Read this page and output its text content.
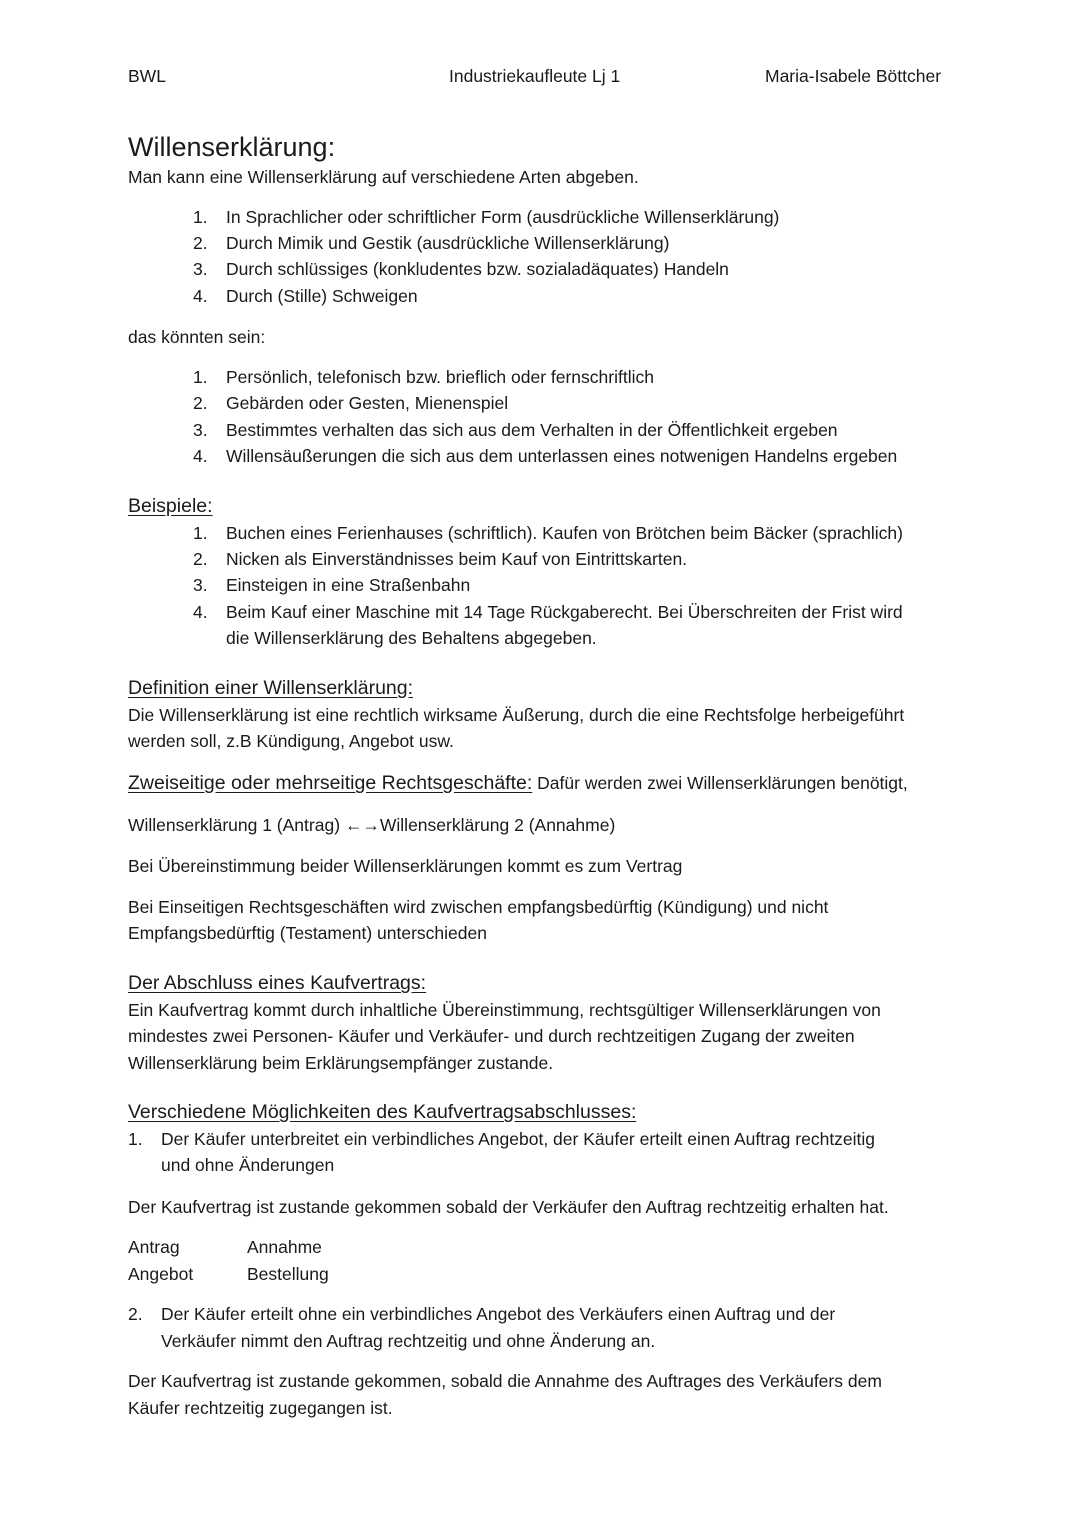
BWL	Industriekaufleute Lj 1	Maria-Isabele Böttcher
Willenserklärung:
Man kann eine Willenserklärung auf verschiedene Arten abgeben.
1. In Sprachlicher oder schriftlicher Form (ausdrückliche Willenserklärung)
2. Durch Mimik und Gestik (ausdrückliche Willenserklärung)
3. Durch schlüssiges (konkludentes bzw. sozialadäquates) Handeln
4. Durch (Stille) Schweigen
das könnten sein:
1. Persönlich, telefonisch bzw. brieflich oder fernschriftlich
2. Gebärden oder Gesten, Mienenspiel
3. Bestimmtes verhalten das sich aus dem Verhalten in der Öffentlichkeit ergeben
4. Willensäußerungen die sich aus dem unterlassen eines notwenigen Handelns ergeben
Beispiele:
1. Buchen eines Ferienhauses (schriftlich). Kaufen von Brötchen beim Bäcker (sprachlich)
2. Nicken als Einverständnisses beim Kauf von Eintrittskarten.
3. Einsteigen in eine Straßenbahn
4. Beim Kauf einer Maschine mit 14 Tage Rückgaberecht. Bei Überschreiten der Frist wird
die Willenserklärung des Behaltens abgegeben.
Definition einer Willenserklärung:
Die Willenserklärung ist eine rechtlich wirksame Äußerung, durch die eine Rechtsfolge herbeigeführt
werden soll, z.B Kündigung, Angebot usw.
Zweiseitige oder mehrseitige Rechtsgeschäfte: Dafür werden zwei Willenserklärungen benötigt,
Willenserklärung 1 (Antrag) ←→Willenserklärung 2 (Annahme)
Bei Übereinstimmung beider Willenserklärungen kommt es zum Vertrag
Bei Einseitigen Rechtsgeschäften wird zwischen empfangsbedürftig (Kündigung) und nicht
Empfangsbedürftig (Testament) unterschieden
Der Abschluss eines Kaufvertrags:
Ein Kaufvertrag kommt durch inhaltliche Übereinstimmung, rechtsgültiger Willenserklärungen von
mindestes zwei Personen- Käufer und Verkäufer- und durch rechtzeitigen Zugang der zweiten
Willenserklärung beim Erklärungsempfänger zustande.
Verschiedene Möglichkeiten des Kaufvertragsabschlusses:
1. Der Käufer unterbreitet ein verbindliches Angebot, der Käufer erteilt einen Auftrag rechtzeitig
und ohne Änderungen
Der Kaufvertrag ist zustande gekommen sobald der Verkäufer den Auftrag rechtzeitig erhalten hat.
Antrag	Annahme
Angebot	Bestellung
2. Der Käufer erteilt ohne ein verbindliches Angebot des Verkäufers einen Auftrag und der
Verkäufer nimmt den Auftrag rechtzeitig und ohne Änderung an.
Der Kaufvertrag ist zustande gekommen, sobald die Annahme des Auftrages des Verkäufers dem
Käufer rechtzeitig zugegangen ist.
